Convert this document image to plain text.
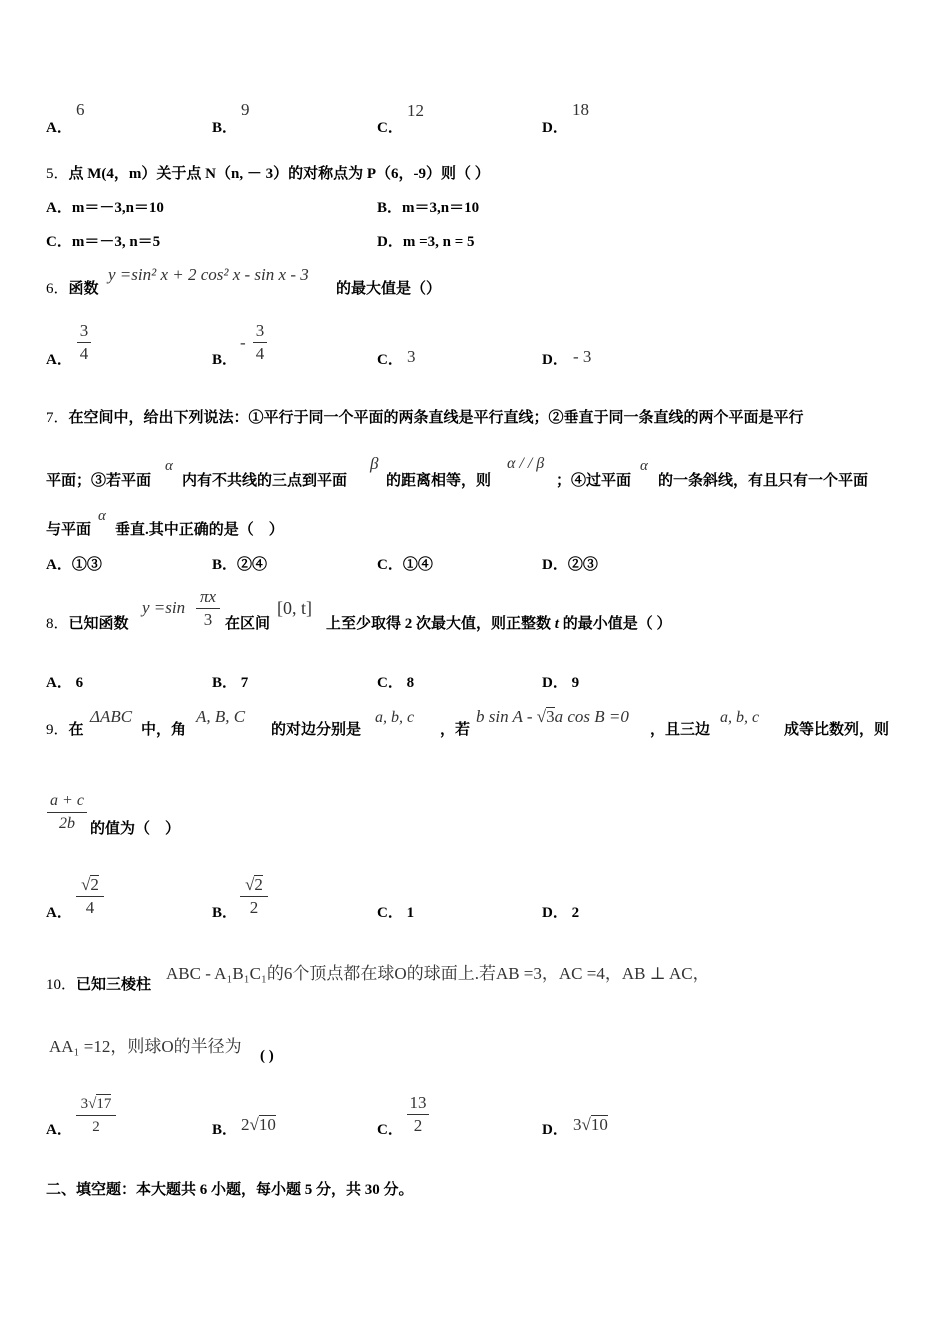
A．
6
B．
9
C．
12
D．
18
5．点 M(4，m）关于点 N（n, － 3）的对称点为 P（6，-9）则（ ）
A．m＝－3,n＝10	B．m＝3,n＝10
C．m＝－3, n＝5	D．m =3, n = 5
6．函数
y =sin² x + 2 cos² x - sin x - 3
的最大值是（）
A．
3
4	B．
-
3
4	C． 3	D． - 3
7．在空间中，给出下列说法：①平行于同一个平面的两条直线是平行直线；②垂直于同一条直线的两个平面是平行
平面；③若平面
α
内有不共线的三点到平面
β
的距离相等，则
α / / β
；④过平面
α
的一条斜线，有且只有一个平面
与平面
α
垂直.其中正确的是（　）
A．①③	B．②④	C．①④	D．②③
8．已知函数
y =sin
πx
3 在区间
[0, t]
上至少取得 2 次最大值，则正整数 t 的最小值是（ ）
A． 6	B． 7	C． 8	D． 9
9．在
ΔABC
中，角
A, B, C
的对边分别是
a, b, c
，若
b sin A - √3a cos B =0
，且三边
a, b, c
成等比数列，则
a + c
2b	的值为（　）
A．
√2
4	B．
√2
2	C． 1	D． 2
10．已知三棱柱
ABC - A₁B₁C₁的6个顶点都在球O的球面上.若AB =3，AC =4，AB ⊥ AC，
AA₁ =12，则球O的半径为 ( )
A．
3√17
2	B． 2√10	C．
13
2	D． 3√10
二、填空题：本大题共 6 小题，每小题 5 分，共 30 分。
